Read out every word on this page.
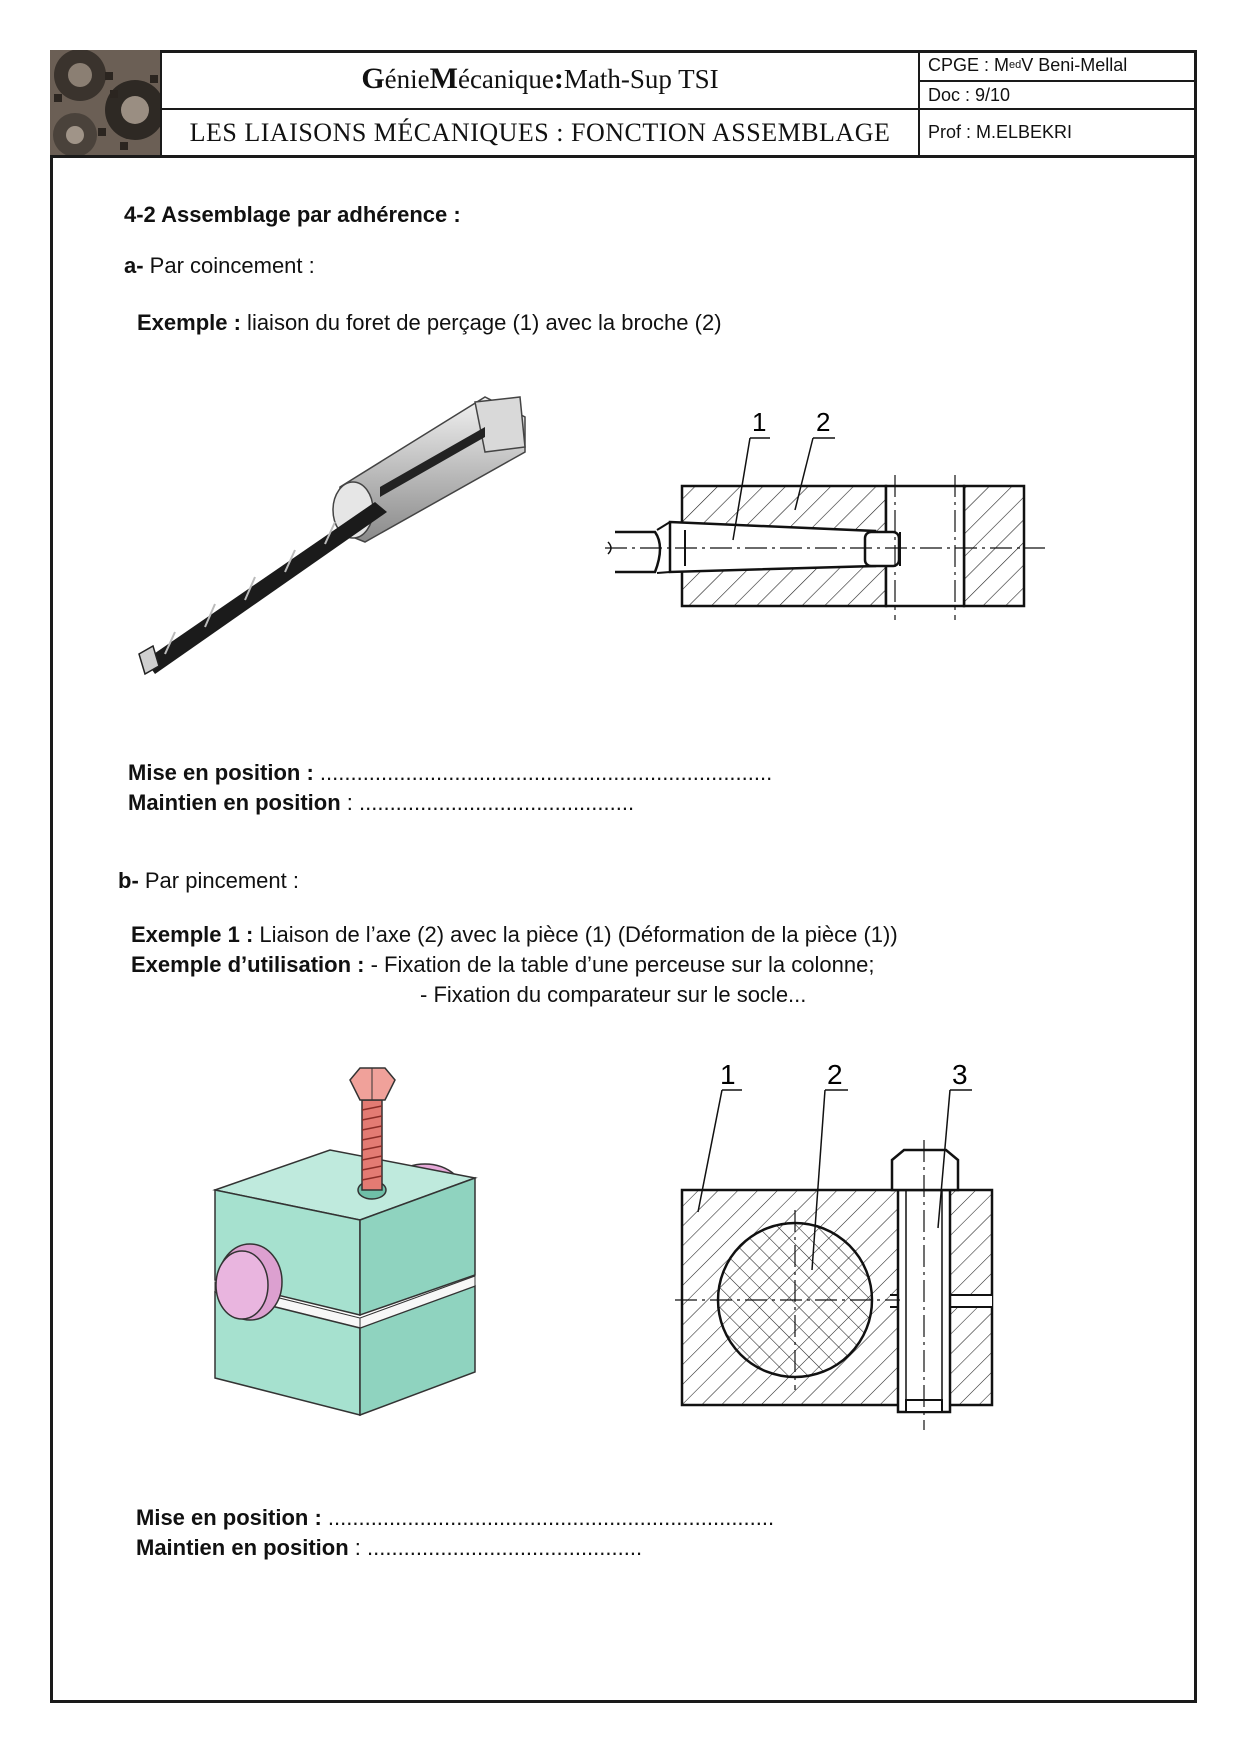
G énie M écanique : Math-Sup TSI
LES LIAISONS MÉCANIQUES : FONCTION ASSEMBLAGE
CPGE : M ed V Beni-Mellal
Doc : 9/10
Prof : M.ELBEKRI
4-2 Assemblage par adhérence :
a- Par coincement :
Exemple : liaison du foret de perçage (1) avec la broche (2)
1 2
Mise en position : ..........................................................................
Maintien en position : .............................................
b- Par pincement :
Exemple 1 : Liaison de l’axe (2) avec la pièce (1) (Déformation de la pièce (1))
Exemple d’utilisation : - Fixation de la table d’une perceuse sur la colonne;
- Fixation du comparateur sur le socle...
1	2	3
Mise en position : .........................................................................
Maintien en position : .............................................
